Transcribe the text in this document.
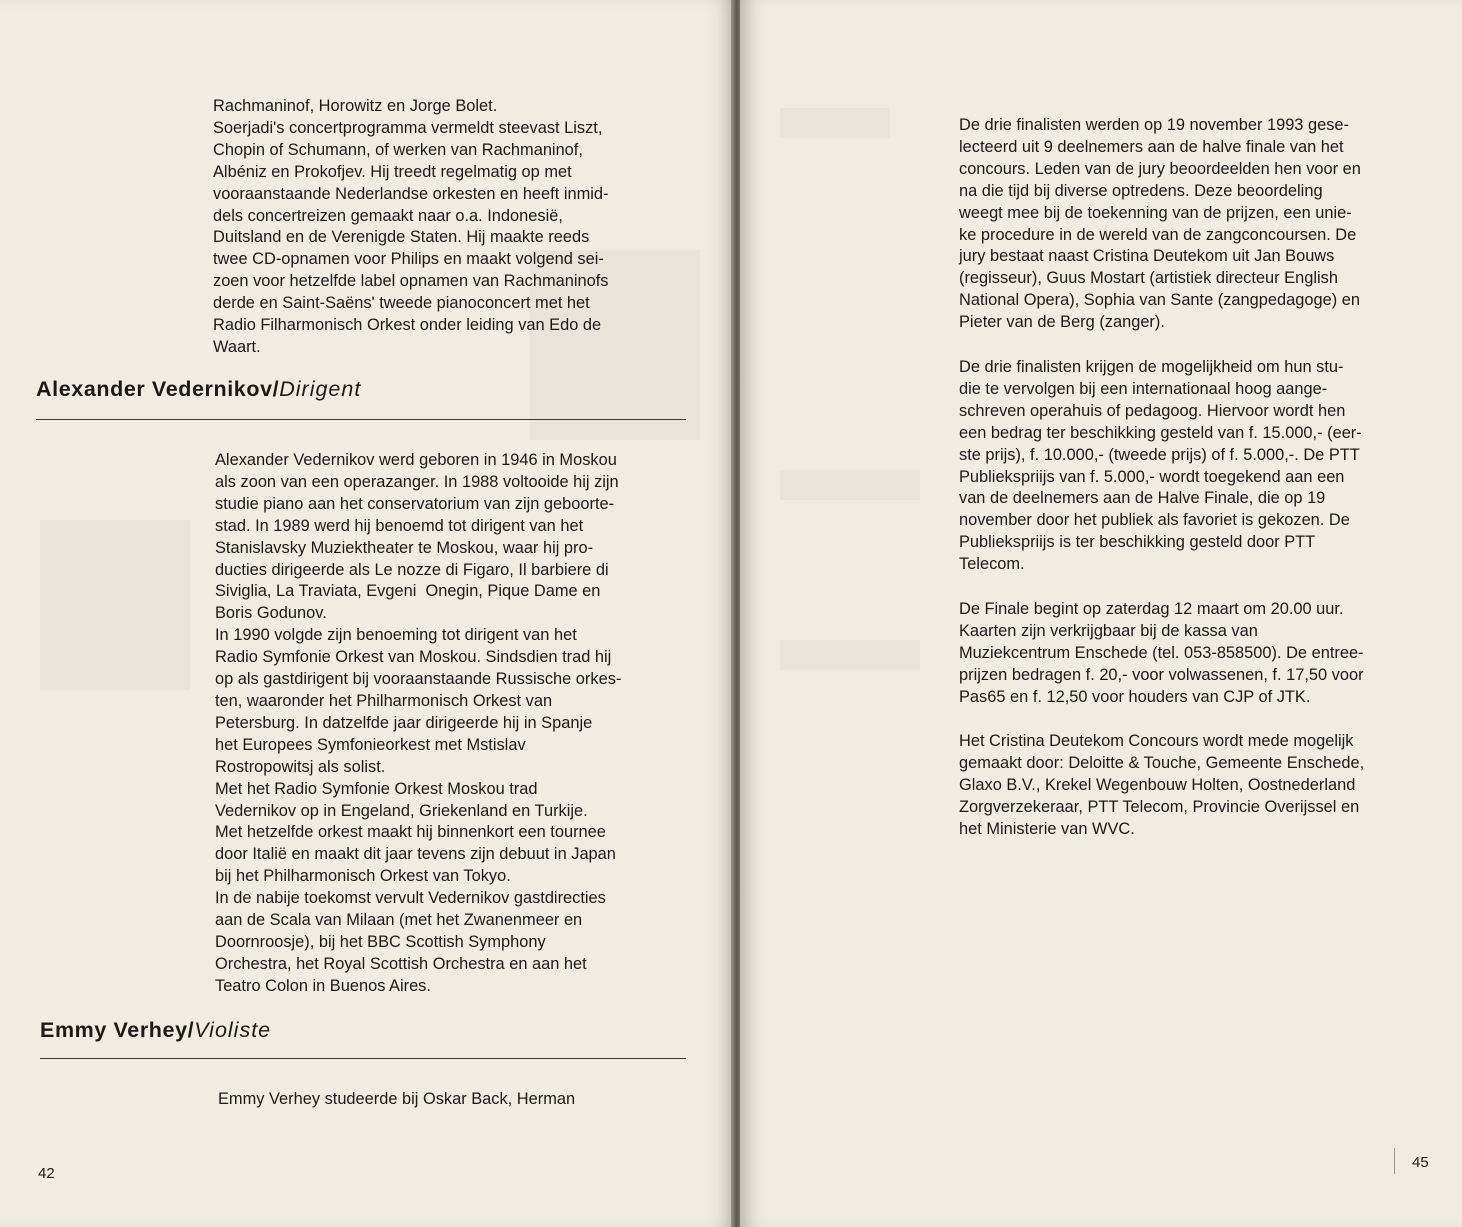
Rachmaninof, Horowitz en Jorge Bolet.
Soerjadi's concertprogramma vermeldt steevast Liszt,
Chopin of Schumann, of werken van Rachmaninof,
Albéniz en Prokofjev. Hij treedt regelmatig op met
vooraanstaande Nederlandse orkesten en heeft inmid-
dels concertreizen gemaakt naar o.a. Indonesië,
Duitsland en de Verenigde Staten. Hij maakte reeds
twee CD-opnamen voor Philips en maakt volgend sei-
zoen voor hetzelfde label opnamen van Rachmaninofs
derde en Saint-Saëns' tweede pianoconcert met het
Radio Filharmonisch Orkest onder leiding van Edo de
Waart.

Alexander Vedernikov/Dirigent

Alexander Vedernikov werd geboren in 1946 in Moskou
als zoon van een operazanger. In 1988 voltooide hij zijn
studie piano aan het conservatorium van zijn geboorte-
stad. In 1989 werd hij benoemd tot dirigent van het
Stanislavsky Muziektheater te Moskou, waar hij pro-
ducties dirigeerde als Le nozze di Figaro, Il barbiere di
Siviglia, La Traviata, Evgeni  Onegin, Pique Dame en
Boris Godunov.
In 1990 volgde zijn benoeming tot dirigent van het
Radio Symfonie Orkest van Moskou. Sindsdien trad hij
op als gastdirigent bij vooraanstaande Russische orkes-
ten, waaronder het Philharmonisch Orkest van
Petersburg. In datzelfde jaar dirigeerde hij in Spanje
het Europees Symfonieorkest met Mstislav
Rostropowitsj als solist.
Met het Radio Symfonie Orkest Moskou trad
Vedernikov op in Engeland, Griekenland en Turkije.
Met hetzelfde orkest maakt hij binnenkort een tournee
door Italië en maakt dit jaar tevens zijn debuut in Japan
bij het Philharmonisch Orkest van Tokyo.
In de nabije toekomst vervult Vedernikov gastdirecties
aan de Scala van Milaan (met het Zwanenmeer en
Doornroosje), bij het BBC Scottish Symphony
Orchestra, het Royal Scottish Orchestra en aan het
Teatro Colon in Buenos Aires.

Emmy Verhey/Violiste

Emmy Verhey studeerde bij Oskar Back, Herman

42

De drie finalisten werden op 19 november 1993 gese-
lecteerd uit 9 deelnemers aan de halve finale van het
concours. Leden van de jury beoordeelden hen voor en
na die tijd bij diverse optredens. Deze beoordeling
weegt mee bij de toekenning van de prijzen, een unie-
ke procedure in de wereld van de zangconcoursen. De
jury bestaat naast Cristina Deutekom uit Jan Bouws
(regisseur), Guus Mostart (artistiek directeur English
National Opera), Sophia van Sante (zangpedagoge) en
Pieter van de Berg (zanger).

De drie finalisten krijgen de mogelijkheid om hun stu-
die te vervolgen bij een internationaal hoog aange-
schreven operahuis of pedagoog. Hiervoor wordt hen
een bedrag ter beschikking gesteld van f. 15.000,- (eer-
ste prijs), f. 10.000,- (tweede prijs) of f. 5.000,-. De PTT
Publiekspriijs van f. 5.000,- wordt toegekend aan een
van de deelnemers aan de Halve Finale, die op 19
november door het publiek als favoriet is gekozen. De
Publiekspriijs is ter beschikking gesteld door PTT
Telecom.

De Finale begint op zaterdag 12 maart om 20.00 uur.
Kaarten zijn verkrijgbaar bij de kassa van
Muziekcentrum Enschede (tel. 053-858500). De entree-
prijzen bedragen f. 20,- voor volwassenen, f. 17,50 voor
Pas65 en f. 12,50 voor houders van CJP of JTK.

Het Cristina Deutekom Concours wordt mede mogelijk
gemaakt door: Deloitte & Touche, Gemeente Enschede,
Glaxo B.V., Krekel Wegenbouw Holten, Oostnederland
Zorgverzekeraar, PTT Telecom, Provincie Overijssel en
het Ministerie van WVC.

45
